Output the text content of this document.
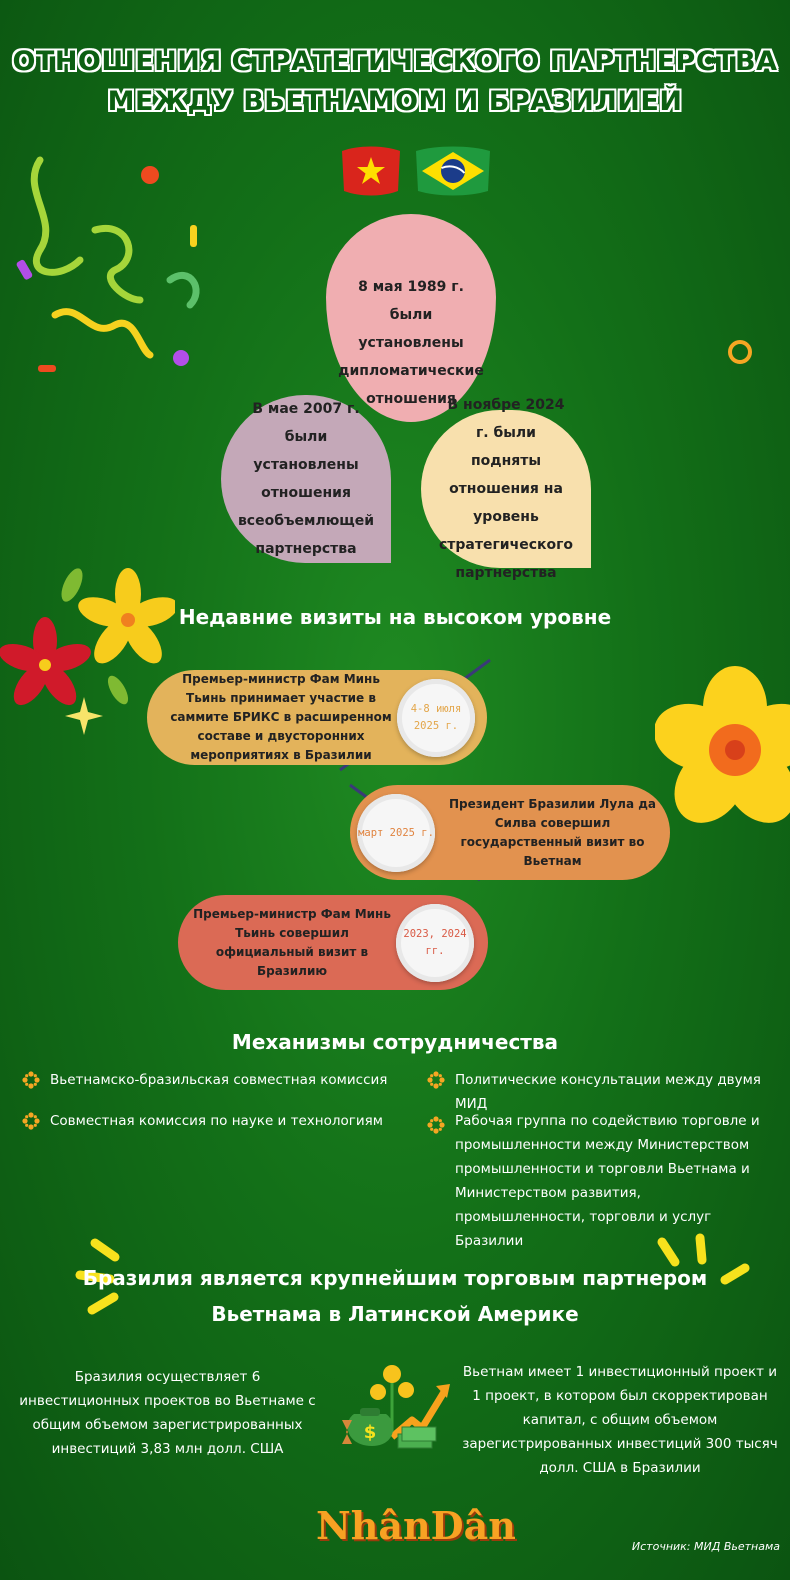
ОТНОШЕНИЯ СТРАТЕГИЧЕСКОГО ПАРТНЕРСТВА
МЕЖДУ ВЬЕТНАМОМ И БРАЗИЛИЕЙ
8 мая 1989 г. были установлены дипломатические отношения
В мае 2007 г. были установлены отношения всеобъемлющей партнерства
В ноябре 2024 г. были подняты отношения на уровень стратегического партнерства
Недавние визиты на высоком уровне
Премьер-министр Фам Минь Тьинь принимает участие в саммите БРИКС в расширенном составе и двусторонних мероприятиях в Бразилии
4-8 июля 2025 г.
Президент Бразилии Лула да Силва совершил государственный визит во Вьетнам
март 2025 г.
Премьер-министр Фам Минь Тьинь совершил официальный визит в Бразилию
2023, 2024 гг.
Механизмы сотрудничества
Вьетнамско-бразильская совместная комиссия
Совместная комиссия по науке и технологиям
Политические консультации между двумя МИД
Рабочая группа по содействию торговле и промышленности между Министерством промышленности и торговли Вьетнама и Министерством развития, промышленности, торговли и услуг Бразилии
Бразилия является крупнейшим торговым партнером
Вьетнама в Латинской Америке
Бразилия осуществляет 6 инвестиционных проектов во Вьетнаме с общим объемом зарегистрированных инвестиций 3,83 млн долл. США
Вьетнам имеет 1 инвестиционный проект и 1 проект, в котором был скорректирован капитал, с общим объемом зарегистрированных инвестиций 300 тысяч долл. США в Бразилии
$
NhânDân	Источник: МИД Вьетнама
